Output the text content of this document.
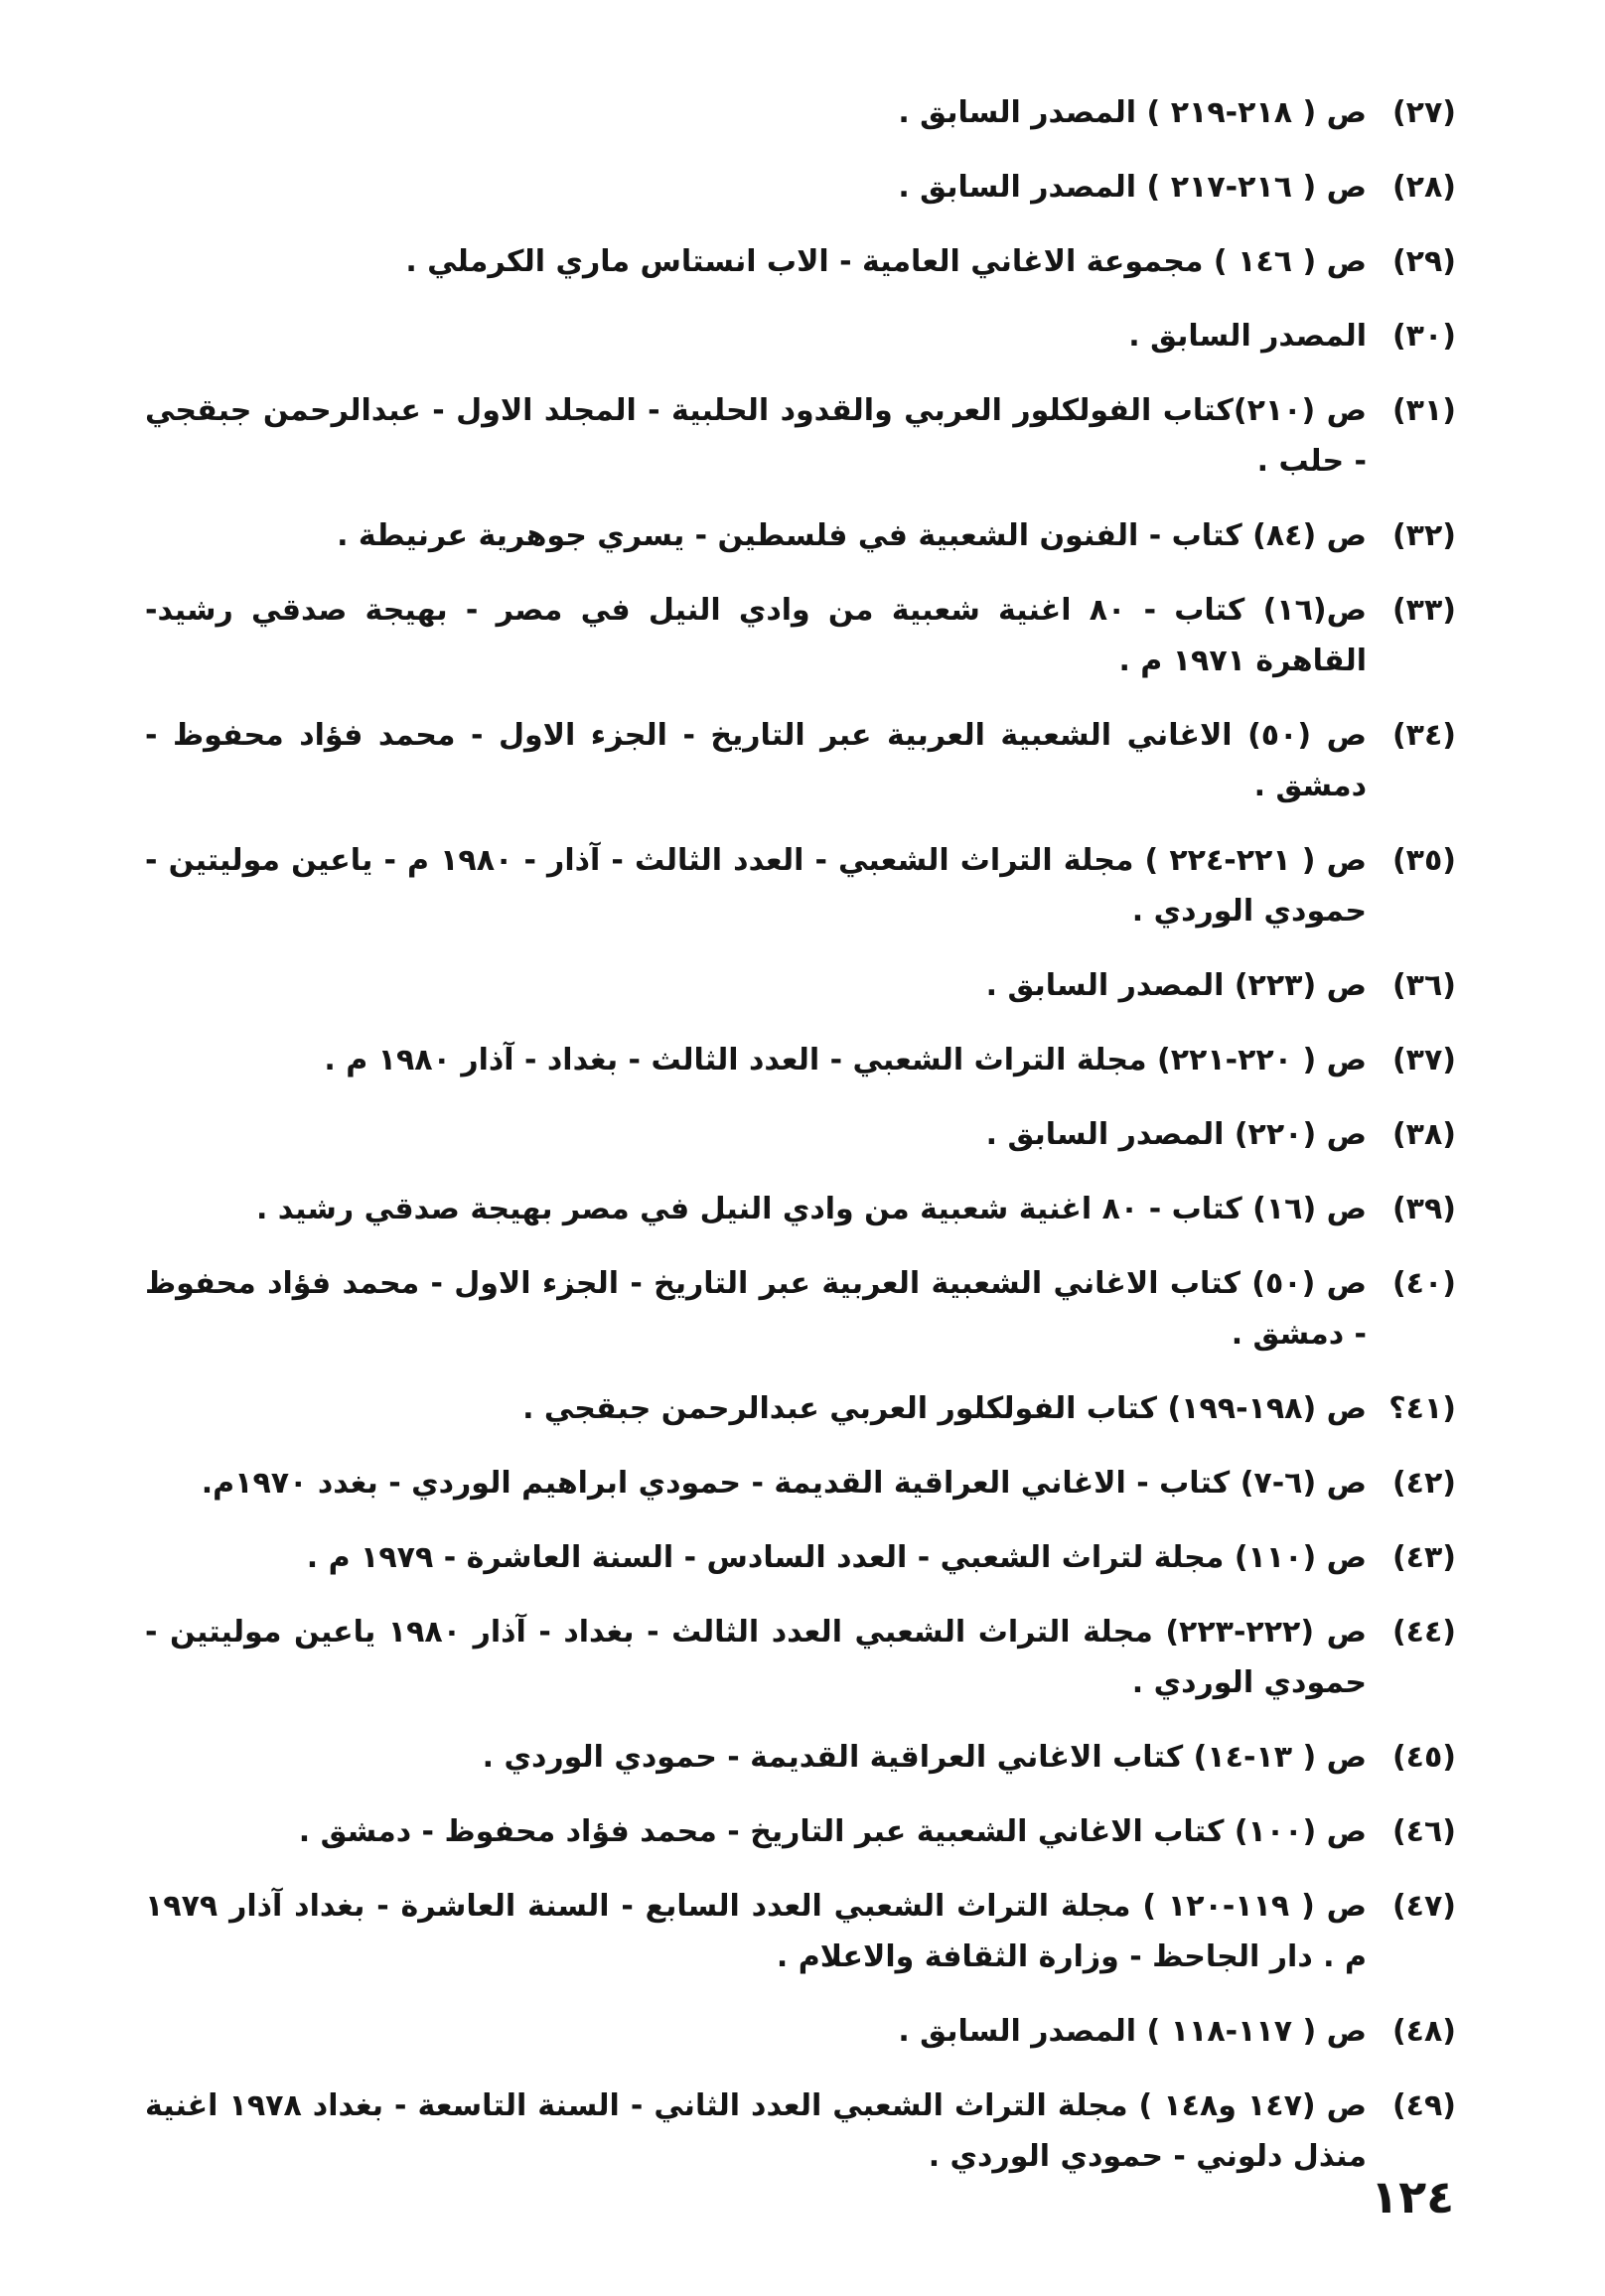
(٢٧)
ص ( ٢١٨-٢١٩ ) المصدر السابق .
(٢٨)
ص ( ٢١٦-٢١٧ ) المصدر السابق .
(٢٩)
ص ( ١٤٦ ) مجموعة الاغاني العامية - الاب انستاس ماري الكرملي .
(٣٠)
المصدر السابق .
(٣١)
ص (٢١٠)كتاب الفولكلور العربي والقدود الحلبية - المجلد الاول - عبدالرحمن جبقجي - حلب .
(٣٢)
ص (٨٤) كتاب - الفنون الشعبية في فلسطين - يسري جوهرية عرنيطة .
(٣٣)
ص(١٦) كتاب - ٨٠ اغنية شعبية من وادي النيل في مصر - بهيجة صدقي رشيد- القاهرة ١٩٧١ م .
(٣٤)
ص (٥٠) الاغاني الشعبية العربية عبر التاريخ - الجزء الاول - محمد فؤاد محفوظ - دمشق .
(٣٥)
ص ( ٢٢١-٢٢٤ ) مجلة التراث الشعبي - العدد الثالث - آذار - ١٩٨٠ م - ياعين موليتين - حمودي الوردي .
(٣٦)
ص (٢٢٣) المصدر السابق .
(٣٧)
ص ( ٢٢٠-٢٢١) مجلة التراث الشعبي - العدد الثالث - بغداد - آذار ١٩٨٠ م .
(٣٨)
ص (٢٢٠) المصدر السابق .
(٣٩)
ص (١٦) كتاب - ٨٠ اغنية شعبية من وادي النيل في مصر بهيجة صدقي رشيد .
(٤٠)
ص (٥٠) كتاب الاغاني الشعبية العربية عبر التاريخ - الجزء الاول - محمد فؤاد محفوظ - دمشق .
(٤١؟
ص (١٩٨-١٩٩) كتاب الفولكلور العربي عبدالرحمن جبقجي .
(٤٢)
ص (٦-٧) كتاب - الاغاني العراقية القديمة - حمودي ابراهيم الوردي - بغدد ١٩٧٠م.
(٤٣)
ص (١١٠) مجلة لتراث الشعبي - العدد السادس - السنة العاشرة - ١٩٧٩ م .
(٤٤)
ص (٢٢٢-٢٢٣) مجلة التراث الشعبي العدد الثالث - بغداد - آذار ١٩٨٠ ياعين موليتين - حمودي الوردي .
(٤٥)
ص ( ١٣-١٤) كتاب الاغاني العراقية القديمة - حمودي الوردي .
(٤٦)
ص (١٠٠) كتاب الاغاني الشعبية عبر التاريخ - محمد فؤاد محفوظ - دمشق .
(٤٧)
ص ( ١١٩-١٢٠ ) مجلة التراث الشعبي العدد السابع - السنة العاشرة - بغداد آذار ١٩٧٩ م . دار الجاحظ - وزارة الثقافة والاعلام .
(٤٨)
ص ( ١١٧-١١٨ ) المصدر السابق .
(٤٩)
ص (١٤٧ و١٤٨ ) مجلة التراث الشعبي العدد الثاني - السنة التاسعة - بغداد ١٩٧٨ اغنية منذل دلوني - حمودي الوردي .
١٢٤
